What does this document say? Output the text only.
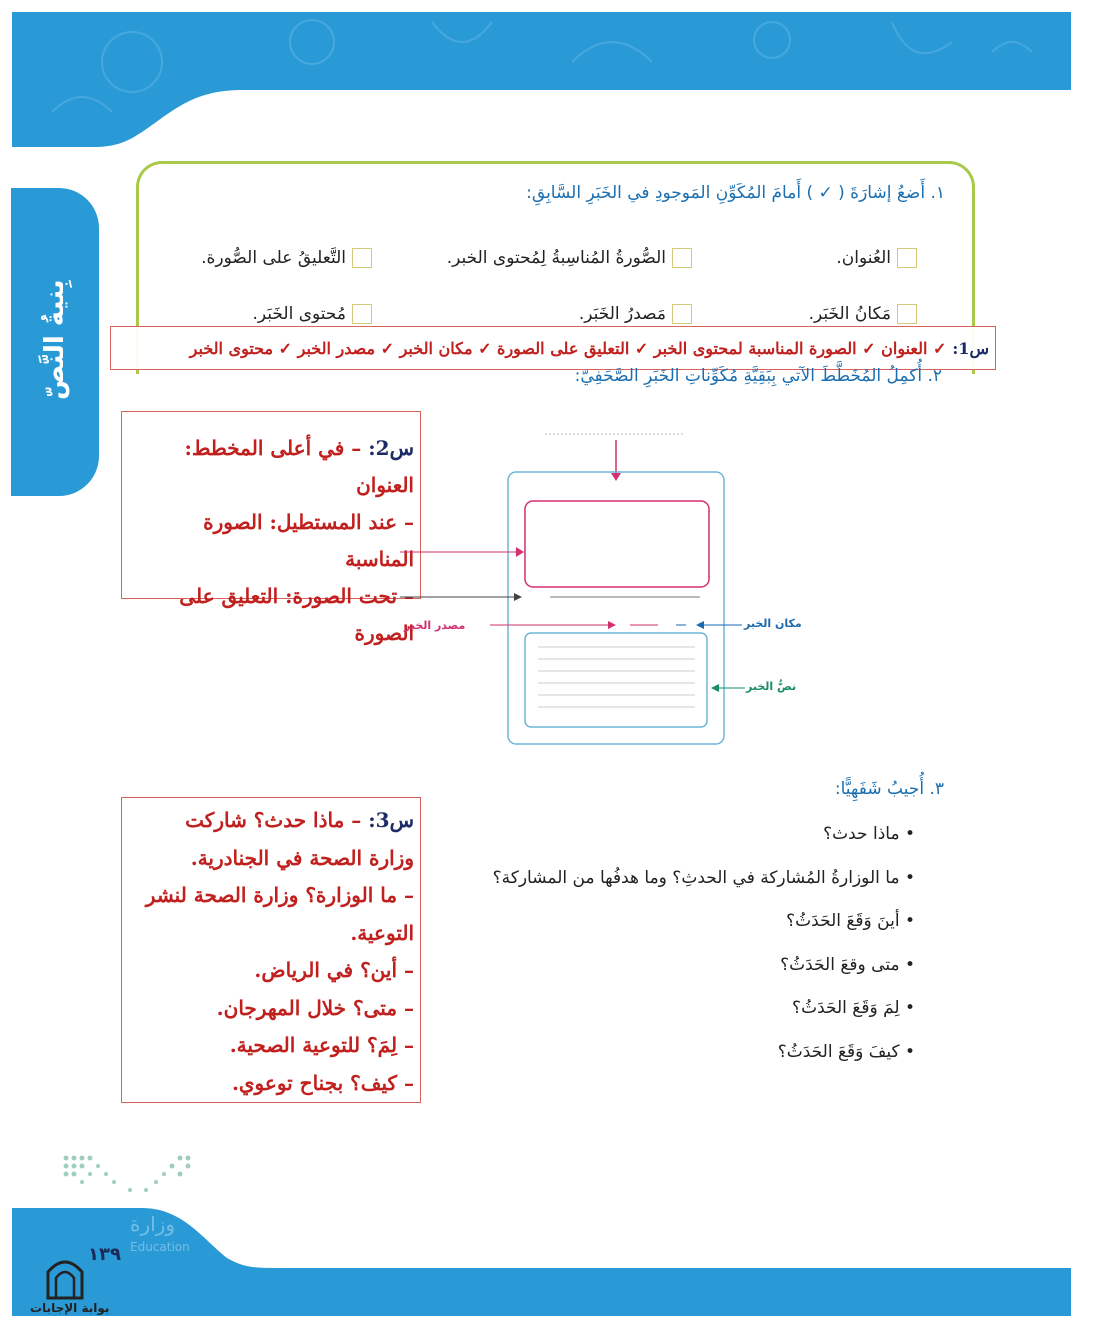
بِنيةُ النَّصّ
١. أَضعُ إشارَةَ ( ✓ ) أَمامَ المُكَوِّنِ المَوجودِ في الخَبَرِ السَّابِقِ:
العُنوان.
الصُّورةُ المُناسِبةُ لِمُحتوى الخبر.
التَّعليقُ على الصُّورة.
مَكانُ الخَبَر.
مَصدرُ الخَبَر.
مُحتوى الخَبَر.
س1:
✓ العنوان ✓ الصورة المناسبة لمحتوى الخبر ✓ التعليق على الصورة ✓ مكان الخبر ✓ مصدر الخبر ✓ محتوى الخبر
٢. أُكمِلُ المُخَطَّطَ الآتي بِبَقِيَّةِ مُكَوِّناتِ الخَبَرِ الصَّحَفِيّ:
س2: – في أعلى المخطط: العنوان
– عند المستطيل: الصورة المناسبة
– تحت الصورة: التعليق على
الصورة
مصدر الخبر	مكان الخبر
نصُّ الخبر
٣. أُجيبُ شَفَهِيًّا:
• ماذا حدث؟
• ما الوزارةُ المُشاركة في الحدثِ؟ وما هدفُها من المشاركة؟
• أينَ وَقَعَ الحَدَثُ؟
• متى وقعَ الحَدَثُ؟
• لِمَ وَقَعَ الحَدَثُ؟
• كيفَ وَقَعَ الحَدَثُ؟
س3: – ماذا حدث؟ شاركت
وزارة الصحة في الجنادرية.
– ما الوزارة؟ وزارة الصحة لنشر
التوعية.
– أين؟ في الرياض.
– متى؟ خلال المهرجان.
– لِمَ؟ للتوعية الصحية.
– كيف؟ بجناح توعوي.
وزارة
Education
١٣٩
بوابة الإجابات
